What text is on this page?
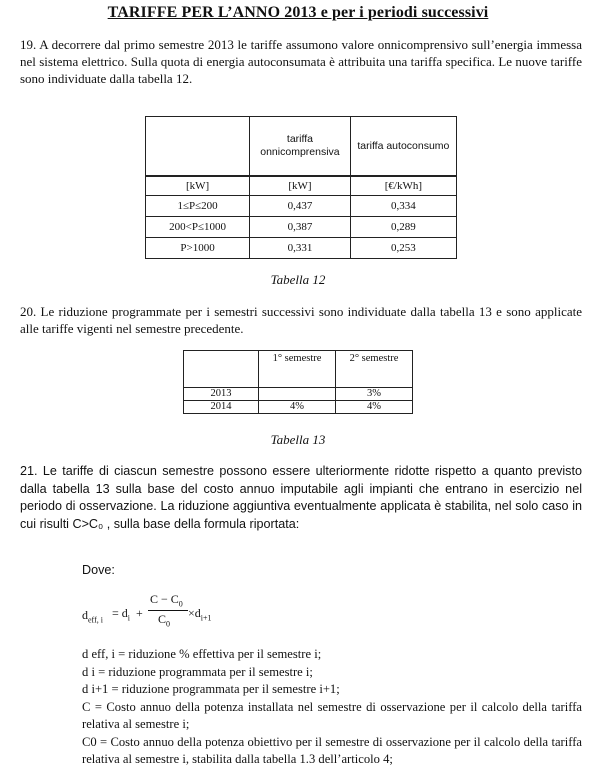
TARIFFE PER L’ANNO 2013 e per i periodi successivi
19. A decorrere dal primo semestre 2013 le tariffe assumono valore onnicomprensivo sull’energia immessa nel sistema elettrico. Sulla quota di energia autoconsumata è attribuita una tariffa specifica. Le nuove tariffe sono individuate dalla tabella 12.
	tariffa onnicomprensiva	tariffa autoconsumo
[kW]	[kW]	[€/kWh]
1≤P≤200	0,437	0,334
200<P≤1000	0,387	0,289
P>1000	0,331	0,253
Tabella 12
20. Le riduzione programmate per i semestri successivi sono individuate dalla tabella 13 e sono applicate alle tariffe vigenti nel semestre precedente.
	1° semestre	2° semestre
2013		3%
2014	4%	4%
Tabella 13
21. Le tariffe di ciascun semestre possono essere ulteriormente ridotte rispetto a quanto previsto dalla tabella 13 sulla base del costo annuo imputabile agli impianti che entrano in esercizio nel periodo di osservazione. La riduzione aggiuntiva eventualmente applicata è stabilita, nel solo caso in cui risulti C>C₀ , sulla base della formula riportata:
Dove:
$d_{eff, i} = d_i$ +
$C - C_0$
$C_0$
$\times d_{i+1}$
d eff, i = riduzione % effettiva per il semestre i;
d i = riduzione programmata per il semestre i;
d i+1 = riduzione programmata per il semestre i+1;
C = Costo annuo della potenza installata nel semestre di osservazione per il calcolo della tariffa relativa al semestre i;
C0 = Costo annuo della potenza obiettivo per il semestre di osservazione per il calcolo della tariffa relativa al semestre i, stabilita dalla tabella 1.3 dell’articolo 4;
